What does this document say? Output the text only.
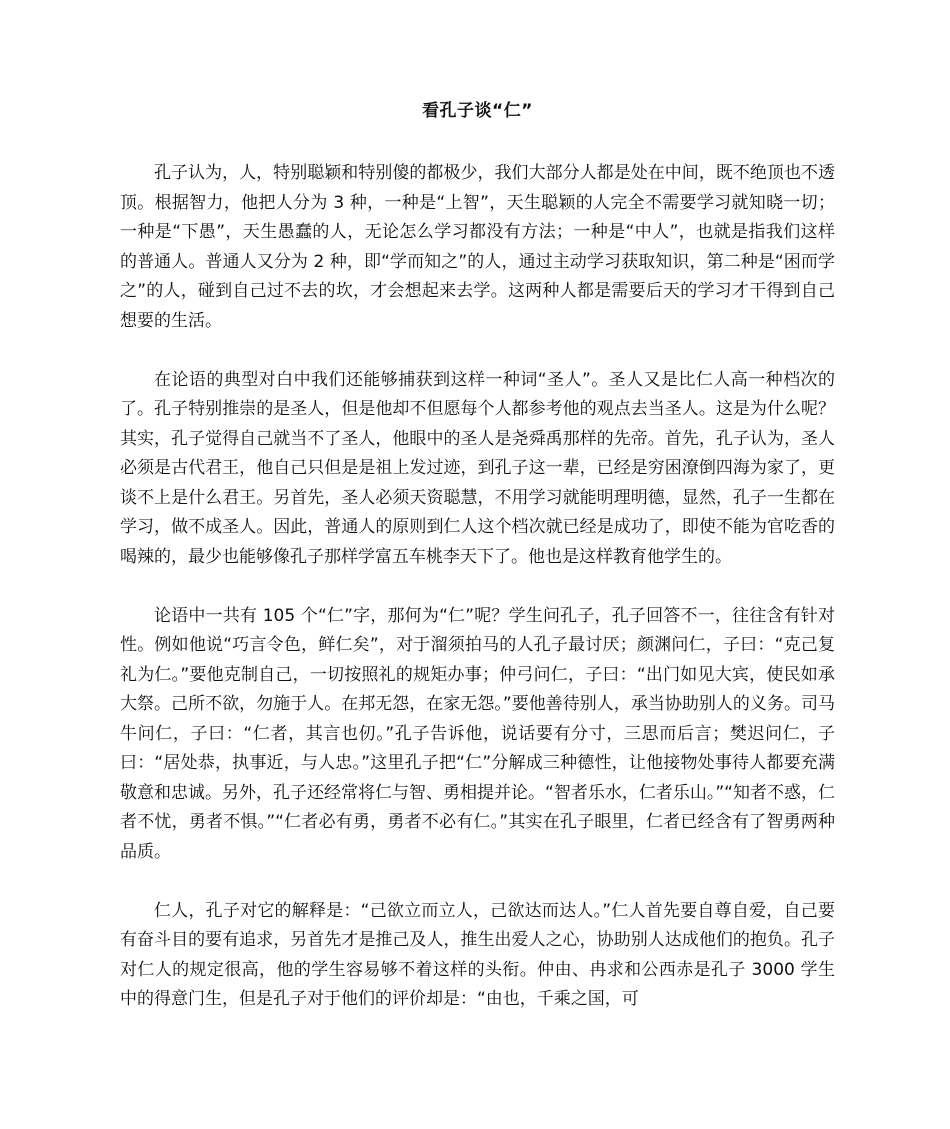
看孔子谈“仁”

孔子认为，人，特别聪颖和特别傻的都极少，我们大部分人都是处在中间，既不绝顶也不透顶。根据智力，他把人分为 3 种，一种是“上智”，天生聪颖的人完全不需要学习就知晓一切；一种是“下愚”，天生愚蠢的人，无论怎么学习都没有方法；一种是“中人”，也就是指我们这样的普通人。普通人又分为 2 种，即“学而知之”的人，通过主动学习获取知识，第二种是“困而学之”的人，碰到自己过不去的坎，才会想起来去学。这两种人都是需要后天的学习才干得到自己想要的生活。

在论语的典型对白中我们还能够捕获到这样一种词“圣人”。圣人又是比仁人高一种档次的了。孔子特别推崇的是圣人，但是他却不但愿每个人都参考他的观点去当圣人。这是为什么呢？其实，孔子觉得自己就当不了圣人，他眼中的圣人是尧舜禹那样的先帝。首先，孔子认为，圣人必须是古代君王，他自己只但是是祖上发过迹，到孔子这一辈，已经是穷困潦倒四海为家了，更谈不上是什么君王。另首先，圣人必须天资聪慧，不用学习就能明理明德，显然，孔子一生都在学习，做不成圣人。因此，普通人的原则到仁人这个档次就已经是成功了，即使不能为官吃香的喝辣的，最少也能够像孔子那样学富五车桃李天下了。他也是这样教育他学生的。

论语中一共有 105 个“仁”字，那何为“仁”呢？学生问孔子，孔子回答不一，往往含有针对性。例如他说“巧言令色，鲜仁矣”，对于溜须拍马的人孔子最讨厌；颜渊问仁，子曰：“克己复礼为仁。”要他克制自己，一切按照礼的规矩办事；仲弓问仁，子曰：“出门如见大宾，使民如承大祭。己所不欲，勿施于人。在邦无怨，在家无怨。”要他善待别人，承当协助别人的义务。司马牛问仁，子曰：“仁者，其言也仞。”孔子告诉他，说话要有分寸，三思而后言；樊迟问仁，子曰：“居处恭，执事近，与人忠。”这里孔子把“仁”分解成三种德性，让他接物处事待人都要充满敬意和忠诚。另外，孔子还经常将仁与智、勇相提并论。“智者乐水，仁者乐山。”“知者不惑，仁者不忧，勇者不惧。”“仁者必有勇，勇者不必有仁。”其实在孔子眼里，仁者已经含有了智勇两种品质。

仁人，孔子对它的解释是：“己欲立而立人，己欲达而达人。”仁人首先要自尊自爱，自己要有奋斗目的要有追求，另首先才是推己及人，推生出爱人之心，协助别人达成他们的抱负。孔子对仁人的规定很高，他的学生容易够不着这样的头衔。仲由、冉求和公西赤是孔子 3000 学生中的得意门生，但是孔子对于他们的评价却是：“由也，千乘之国，可
